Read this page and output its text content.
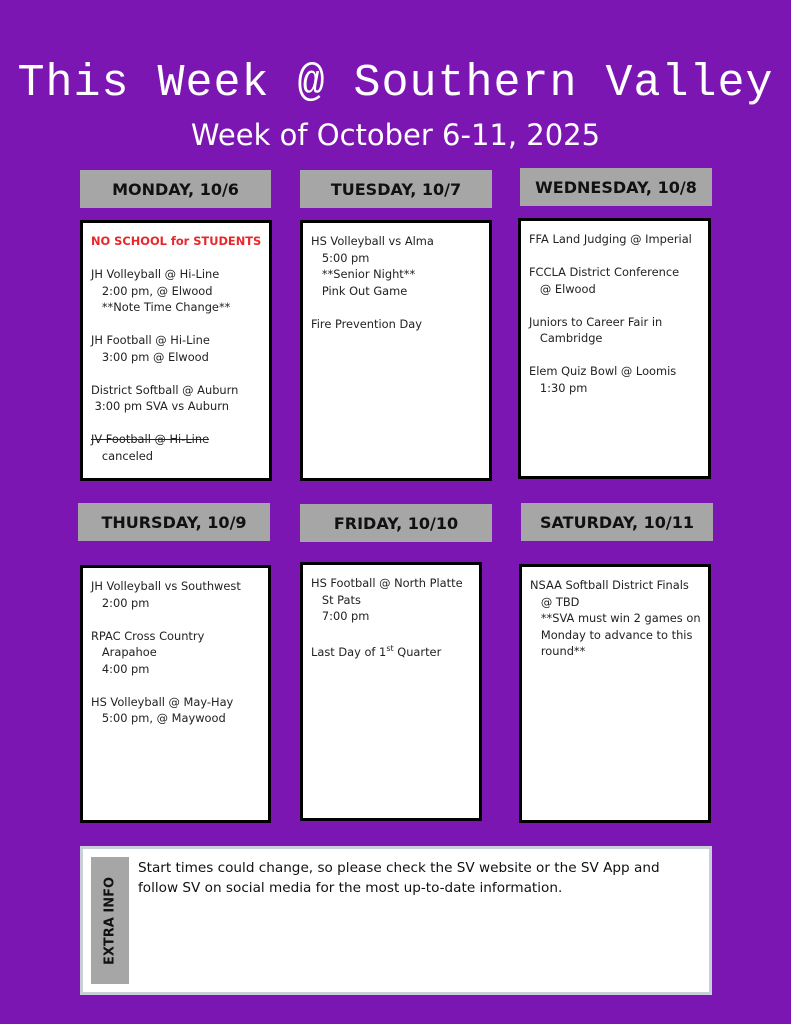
This Week @ Southern Valley
Week of October 6-11, 2025
MONDAY, 10/6	TUESDAY, 10/7	WEDNESDAY, 10/8
NO SCHOOL for STUDENTS

JH Volleyball @ Hi-Line
2:00 pm, @ Elwood
**Note Time Change**

JH Football @ Hi-Line
3:00 pm @ Elwood

District Softball @ Auburn
3:00 pm SVA vs Auburn

JV Football @ Hi-Line
canceled
HS Volleyball vs Alma
5:00 pm
**Senior Night**
Pink Out Game

Fire Prevention Day
FFA Land Judging @ Imperial

FCCLA District Conference
@ Elwood

Juniors to Career Fair in
Cambridge

Elem Quiz Bowl @ Loomis
1:30 pm
THURSDAY, 10/9	FRIDAY, 10/10	SATURDAY, 10/11
JH Volleyball vs Southwest
2:00 pm

RPAC Cross Country
Arapahoe
4:00 pm

HS Volleyball @ May-Hay
5:00 pm, @ Maywood
HS Football @ North Platte
St Pats
7:00 pm

Last Day of 1st Quarter
NSAA Softball District Finals
@ TBD
**SVA must win 2 games on
Monday to advance to this
round**
EXTRA INFO
Start times could change, so please check the SV website or the SV App and follow SV on social media for the most up-to-date information.
